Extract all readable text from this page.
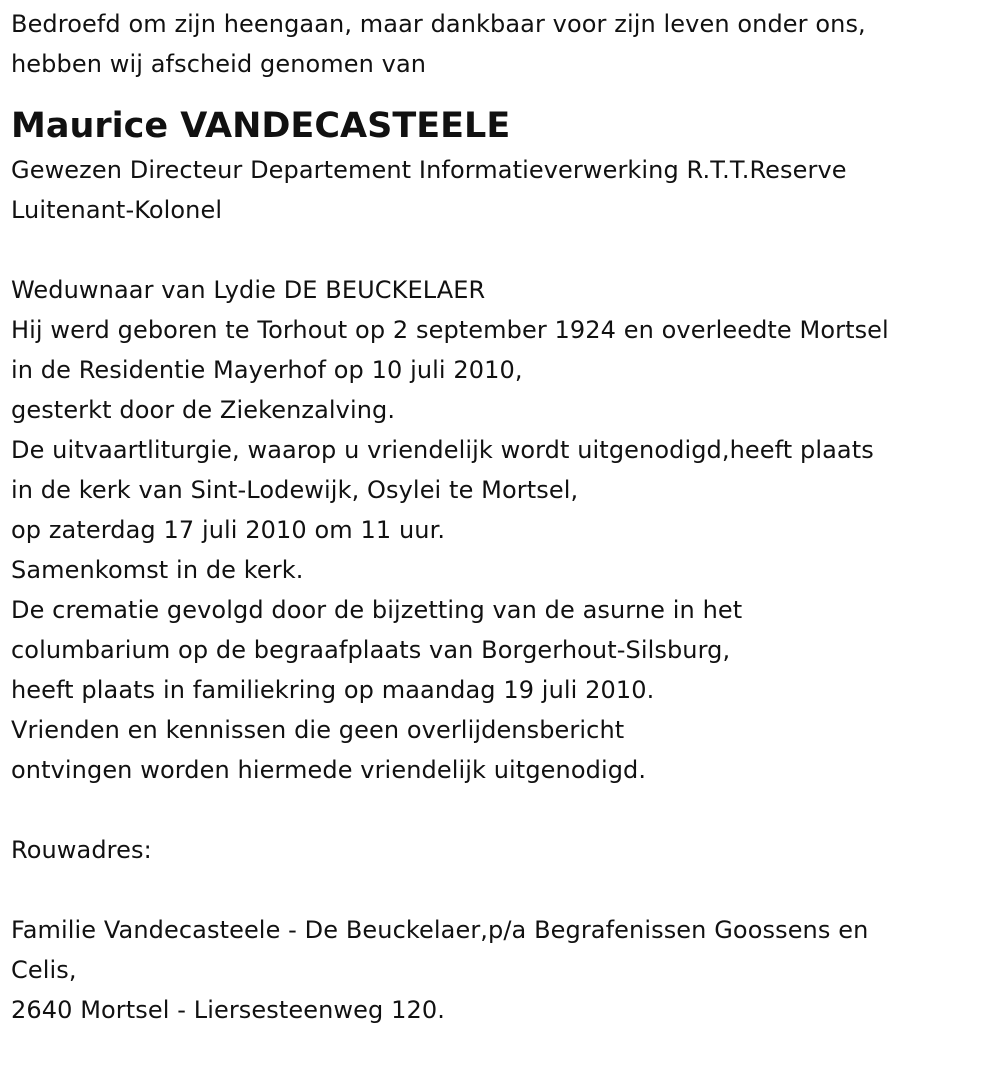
Bedroefd om zijn heengaan, maar dankbaar voor zijn leven onder ons,
hebben wij afscheid genomen van
Maurice VANDECASTEELE
Gewezen Directeur Departement Informatieverwerking R.T.T.Reserve
Luitenant-Kolonel
Weduwnaar van Lydie DE BEUCKELAER
Hij werd geboren te Torhout op 2 september 1924 en overleedte Mortsel
in de Residentie Mayerhof op 10 juli 2010,
gesterkt door de Ziekenzalving.
De uitvaartliturgie, waarop u vriendelijk wordt uitgenodigd,heeft plaats
in de kerk van Sint-Lodewijk, Osylei te Mortsel,
op zaterdag 17 juli 2010 om 11 uur.
Samenkomst in de kerk.
De crematie gevolgd door de bijzetting van de asurne in het
columbarium op de begraafplaats van Borgerhout-Silsburg,
heeft plaats in familiekring op maandag 19 juli 2010.
Vrienden en kennissen die geen overlijdensbericht
ontvingen worden hiermede vriendelijk uitgenodigd.
Rouwadres:
Familie Vandecasteele - De Beuckelaer,p/a Begrafenissen Goossens en
Celis,
2640 Mortsel - Liersesteenweg 120.
